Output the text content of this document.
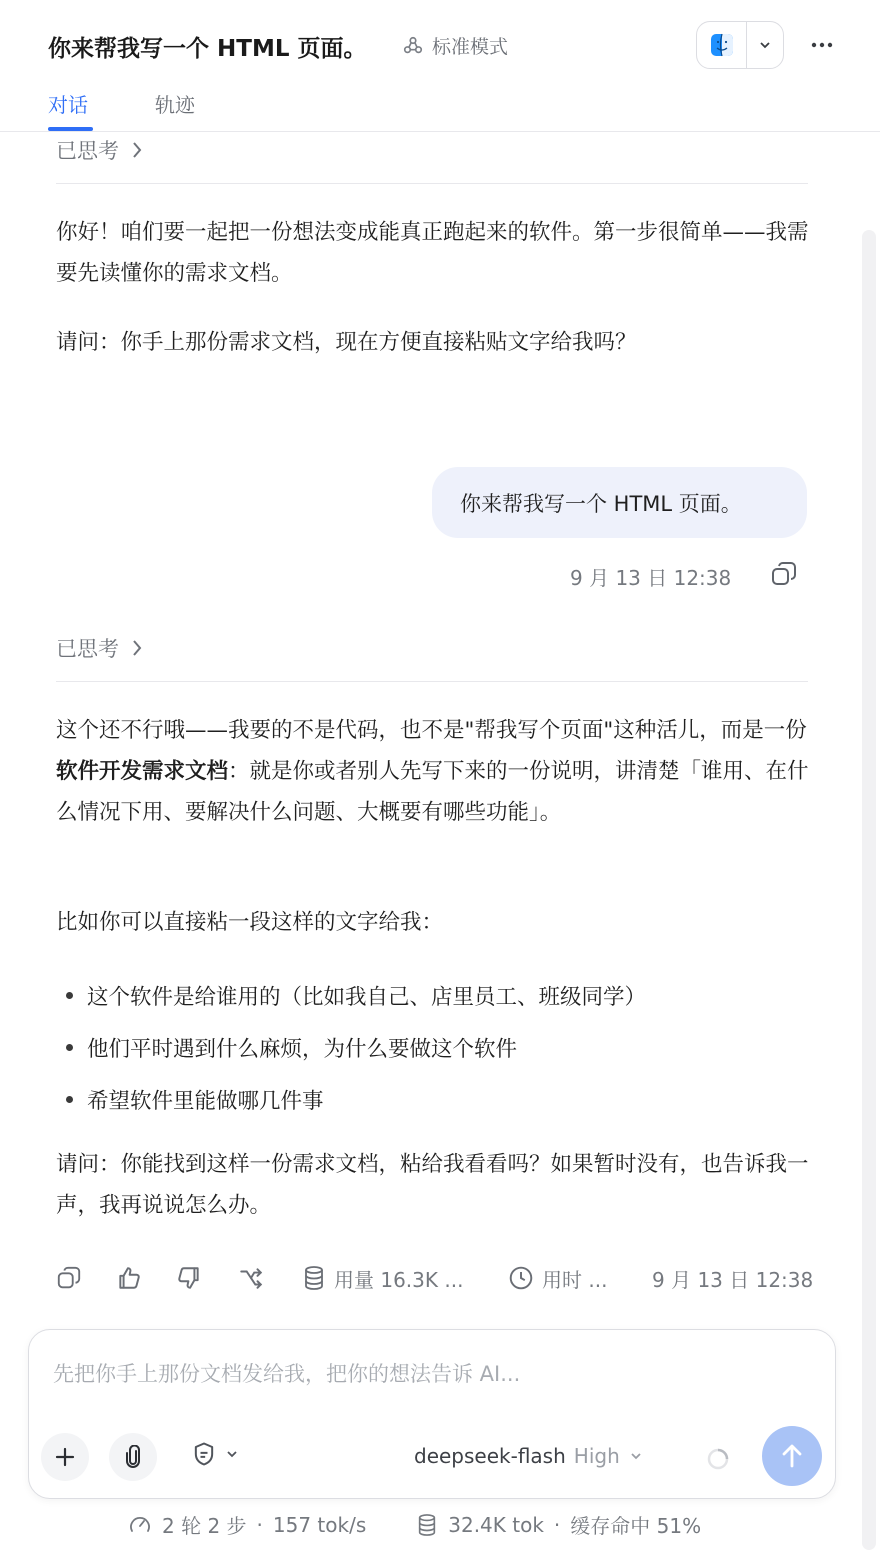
你来帮我写一个 HTML 页面。	标准模式
对话	轨迹
已思考
你好！咱们要一起把一份想法变成能真正跑起来的软件。第一步很简单——我需要先读懂你的需求文档。
请问：你手上那份需求文档，现在方便直接粘贴文字给我吗？
你来帮我写一个 HTML 页面。
9 月 13 日 12:38
已思考
这个还不行哦——我要的不是代码，也不是"帮我写个页面"这种活儿，而是一份软件开发需求文档：就是你或者别人先写下来的一份说明，讲清楚「谁用、在什么情况下用、要解决什么问题、大概要有哪些功能」。
比如你可以直接粘一段这样的文字给我：
这个软件是给谁用的（比如我自己、店里员工、班级同学）
他们平时遇到什么麻烦，为什么要做这个软件
希望软件里能做哪几件事
请问：你能找到这样一份需求文档，粘给我看看吗？如果暂时没有，也告诉我一声，我再说说怎么办。
用量 16.3K ...	用时 ... 9 月 13 日 12:38
先把你手上那份文档发给我，把你的想法告诉 AI...
deepseek-flash High
2 轮 2 步 · 157 tok/s	32.4K tok · 缓存命中 51%
